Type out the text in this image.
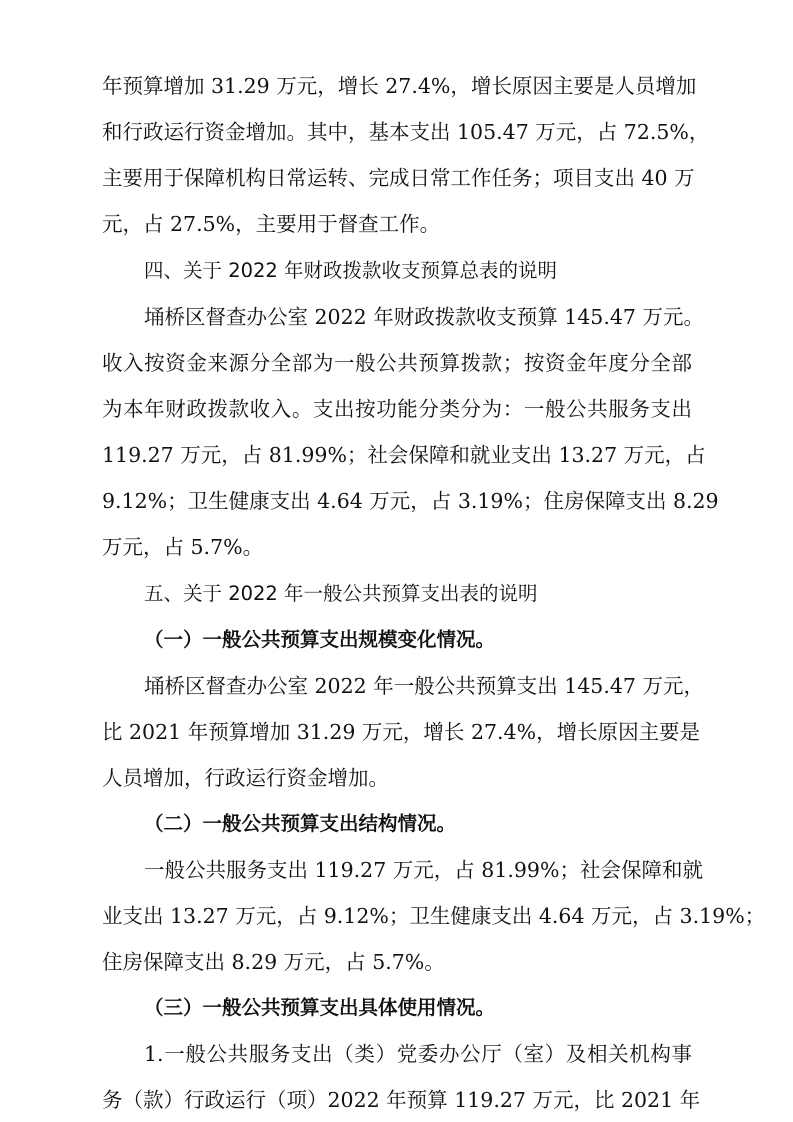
年预算增加 31.29 万元，增长 27.4%，增长原因主要是人员增加
和行政运行资金增加。其中，基本支出 105.47 万元，占 72.5%，
主要用于保障机构日常运转、完成日常工作任务；项目支出 40 万
元，占 27.5%，主要用于督查工作。
四、关于 2022 年财政拨款收支预算总表的说明
埇桥区督查办公室 2022 年财政拨款收支预算 145.47 万元。
收入按资金来源分全部为一般公共预算拨款；按资金年度分全部
为本年财政拨款收入。支出按功能分类分为：一般公共服务支出
119.27 万元，占 81.99%；社会保障和就业支出 13.27 万元，占
9.12%；卫生健康支出 4.64 万元，占 3.19%；住房保障支出 8.29
万元，占 5.7%。
五、关于 2022 年一般公共预算支出表的说明
（一）一般公共预算支出规模变化情况。
埇桥区督查办公室 2022 年一般公共预算支出 145.47 万元，
比 2021 年预算增加 31.29 万元，增长 27.4%，增长原因主要是
人员增加，行政运行资金增加。
（二）一般公共预算支出结构情况。
一般公共服务支出 119.27 万元，占 81.99%；社会保障和就
业支出 13.27 万元，占 9.12%；卫生健康支出 4.64 万元，占 3.19%；
住房保障支出 8.29 万元，占 5.7%。
（三）一般公共预算支出具体使用情况。
1.一般公共服务支出（类）党委办公厅（室）及相关机构事
务（款）行政运行（项）2022 年预算 119.27 万元，比 2021 年
